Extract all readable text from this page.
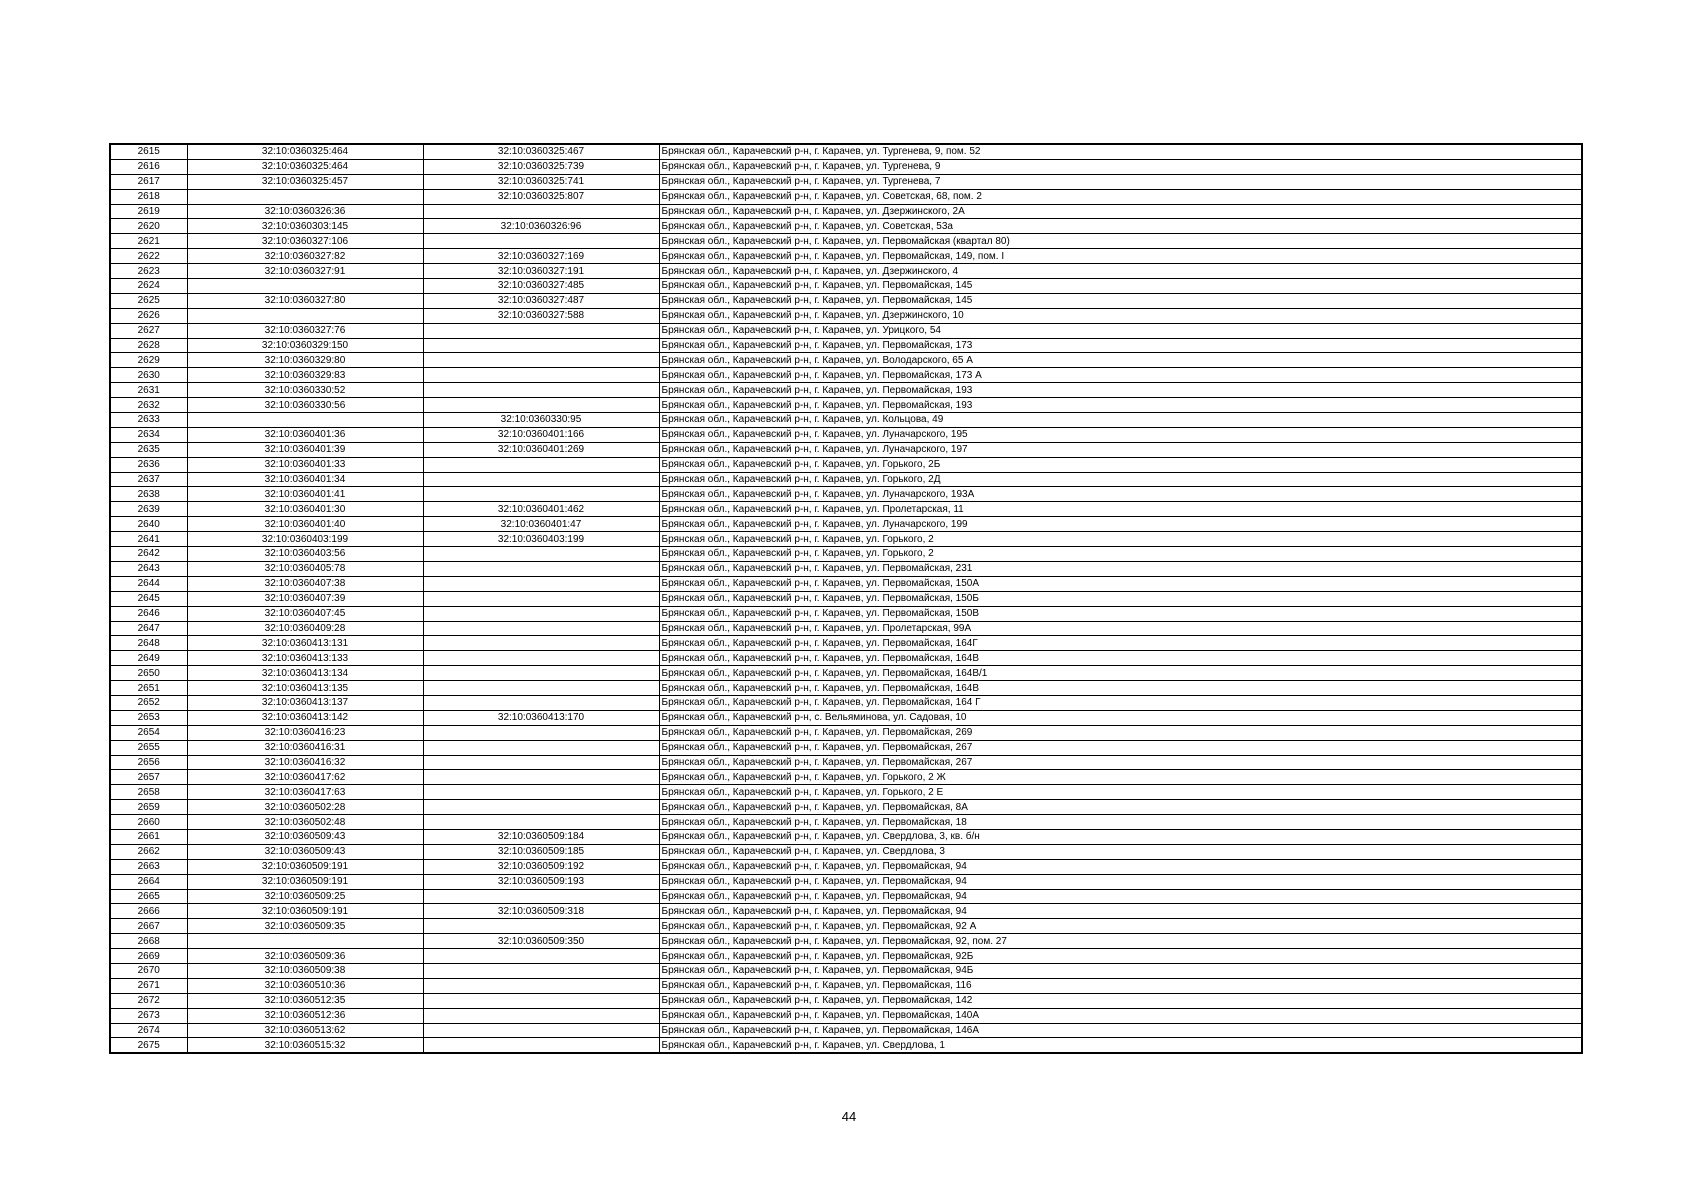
2615	32:10:0360325:464	32:10:0360325:467	Брянская обл., Карачевский р-н, г. Карачев, ул. Тургенева, 9, пом. 52
2616	32:10:0360325:464	32:10:0360325:739	Брянская обл., Карачевский р-н, г. Карачев, ул. Тургенева, 9
2617	32:10:0360325:457	32:10:0360325:741	Брянская обл., Карачевский р-н, г. Карачев, ул. Тургенева, 7
2618		32:10:0360325:807	Брянская обл., Карачевский р-н, г. Карачев, ул. Советская, 68, пом. 2
2619	32:10:0360326:36		Брянская обл., Карачевский р-н, г. Карачев, ул. Дзержинского, 2А
2620	32:10:0360303:145	32:10:0360326:96	Брянская обл., Карачевский р-н, г. Карачев, ул. Советская, 53а
2621	32:10:0360327:106		Брянская обл., Карачевский р-н, г. Карачев, ул. Первомайская (квартал 80)
2622	32:10:0360327:82	32:10:0360327:169	Брянская обл., Карачевский р-н, г. Карачев, ул. Первомайская, 149, пом. I
2623	32:10:0360327:91	32:10:0360327:191	Брянская обл., Карачевский р-н, г. Карачев, ул. Дзержинского, 4
2624		32:10:0360327:485	Брянская обл., Карачевский р-н, г. Карачев, ул. Первомайская, 145
2625	32:10:0360327:80	32:10:0360327:487	Брянская обл., Карачевский р-н, г. Карачев, ул. Первомайская, 145
2626		32:10:0360327:588	Брянская обл., Карачевский р-н, г. Карачев, ул. Дзержинского, 10
2627	32:10:0360327:76		Брянская обл., Карачевский р-н, г. Карачев, ул. Урицкого, 54
2628	32:10:0360329:150		Брянская обл., Карачевский р-н, г. Карачев, ул. Первомайская, 173
2629	32:10:0360329:80		Брянская обл., Карачевский р-н, г. Карачев, ул. Володарского, 65 А
2630	32:10:0360329:83		Брянская обл., Карачевский р-н, г. Карачев, ул. Первомайская, 173 А
2631	32:10:0360330:52		Брянская обл., Карачевский р-н, г. Карачев, ул. Первомайская, 193
2632	32:10:0360330:56		Брянская обл., Карачевский р-н, г. Карачев, ул. Первомайская, 193
2633		32:10:0360330:95	Брянская обл., Карачевский р-н, г. Карачев, ул. Кольцова, 49
2634	32:10:0360401:36	32:10:0360401:166	Брянская обл., Карачевский р-н, г. Карачев, ул. Луначарского, 195
2635	32:10:0360401:39	32:10:0360401:269	Брянская обл., Карачевский р-н, г. Карачев, ул. Луначарского, 197
2636	32:10:0360401:33		Брянская обл., Карачевский р-н, г. Карачев, ул. Горького, 2Б
2637	32:10:0360401:34		Брянская обл., Карачевский р-н, г. Карачев, ул. Горького, 2Д
2638	32:10:0360401:41		Брянская обл., Карачевский р-н, г. Карачев, ул. Луначарского, 193А
2639	32:10:0360401:30	32:10:0360401:462	Брянская обл., Карачевский р-н, г. Карачев, ул. Пролетарская, 11
2640	32:10:0360401:40	32:10:0360401:47	Брянская обл., Карачевский р-н, г. Карачев, ул. Луначарского, 199
2641	32:10:0360403:199	32:10:0360403:199	Брянская обл., Карачевский р-н, г. Карачев, ул. Горького, 2
2642	32:10:0360403:56		Брянская обл., Карачевский р-н, г. Карачев, ул. Горького, 2
2643	32:10:0360405:78		Брянская обл., Карачевский р-н, г. Карачев, ул. Первомайская, 231
2644	32:10:0360407:38		Брянская обл., Карачевский р-н, г. Карачев, ул. Первомайская, 150А
2645	32:10:0360407:39		Брянская обл., Карачевский р-н, г. Карачев, ул. Первомайская, 150Б
2646	32:10:0360407:45		Брянская обл., Карачевский р-н, г. Карачев, ул. Первомайская, 150В
2647	32:10:0360409:28		Брянская обл., Карачевский р-н, г. Карачев, ул. Пролетарская, 99А
2648	32:10:0360413:131		Брянская обл., Карачевский р-н, г. Карачев, ул. Первомайская, 164Г
2649	32:10:0360413:133		Брянская обл., Карачевский р-н, г. Карачев, ул. Первомайская, 164В
2650	32:10:0360413:134		Брянская обл., Карачевский р-н, г. Карачев, ул. Первомайская, 164В/1
2651	32:10:0360413:135		Брянская обл., Карачевский р-н, г. Карачев, ул. Первомайская, 164В
2652	32:10:0360413:137		Брянская обл., Карачевский р-н, г. Карачев, ул. Первомайская, 164 Г
2653	32:10:0360413:142	32:10:0360413:170	Брянская обл., Карачевский р-н, с. Вельяминова, ул. Садовая, 10
2654	32:10:0360416:23		Брянская обл., Карачевский р-н, г. Карачев, ул. Первомайская, 269
2655	32:10:0360416:31		Брянская обл., Карачевский р-н, г. Карачев, ул. Первомайская, 267
2656	32:10:0360416:32		Брянская обл., Карачевский р-н, г. Карачев, ул. Первомайская, 267
2657	32:10:0360417:62		Брянская обл., Карачевский р-н, г. Карачев, ул. Горького, 2 Ж
2658	32:10:0360417:63		Брянская обл., Карачевский р-н, г. Карачев, ул. Горького, 2 Е
2659	32:10:0360502:28		Брянская обл., Карачевский р-н, г. Карачев, ул. Первомайская, 8А
2660	32:10:0360502:48		Брянская обл., Карачевский р-н, г. Карачев, ул. Первомайская, 18
2661	32:10:0360509:43	32:10:0360509:184	Брянская обл., Карачевский р-н, г. Карачев, ул. Свердлова, 3, кв. б/н
2662	32:10:0360509:43	32:10:0360509:185	Брянская обл., Карачевский р-н, г. Карачев, ул. Свердлова, 3
2663	32:10:0360509:191	32:10:0360509:192	Брянская обл., Карачевский р-н, г. Карачев, ул. Первомайская, 94
2664	32:10:0360509:191	32:10:0360509:193	Брянская обл., Карачевский р-н, г. Карачев, ул. Первомайская, 94
2665	32:10:0360509:25		Брянская обл., Карачевский р-н, г. Карачев, ул. Первомайская, 94
2666	32:10:0360509:191	32:10:0360509:318	Брянская обл., Карачевский р-н, г. Карачев, ул. Первомайская, 94
2667	32:10:0360509:35		Брянская обл., Карачевский р-н, г. Карачев, ул. Первомайская, 92 А
2668		32:10:0360509:350	Брянская обл., Карачевский р-н, г. Карачев, ул. Первомайская, 92, пом. 27
2669	32:10:0360509:36		Брянская обл., Карачевский р-н, г. Карачев, ул. Первомайская, 92Б
2670	32:10:0360509:38		Брянская обл., Карачевский р-н, г. Карачев, ул. Первомайская, 94Б
2671	32:10:0360510:36		Брянская обл., Карачевский р-н, г. Карачев, ул. Первомайская, 116
2672	32:10:0360512:35		Брянская обл., Карачевский р-н, г. Карачев, ул. Первомайская, 142
2673	32:10:0360512:36		Брянская обл., Карачевский р-н, г. Карачев, ул. Первомайская, 140А
2674	32:10:0360513:62		Брянская обл., Карачевский р-н, г. Карачев, ул. Первомайская, 146А
2675	32:10:0360515:32		Брянская обл., Карачевский р-н, г. Карачев, ул. Свердлова, 1
44
